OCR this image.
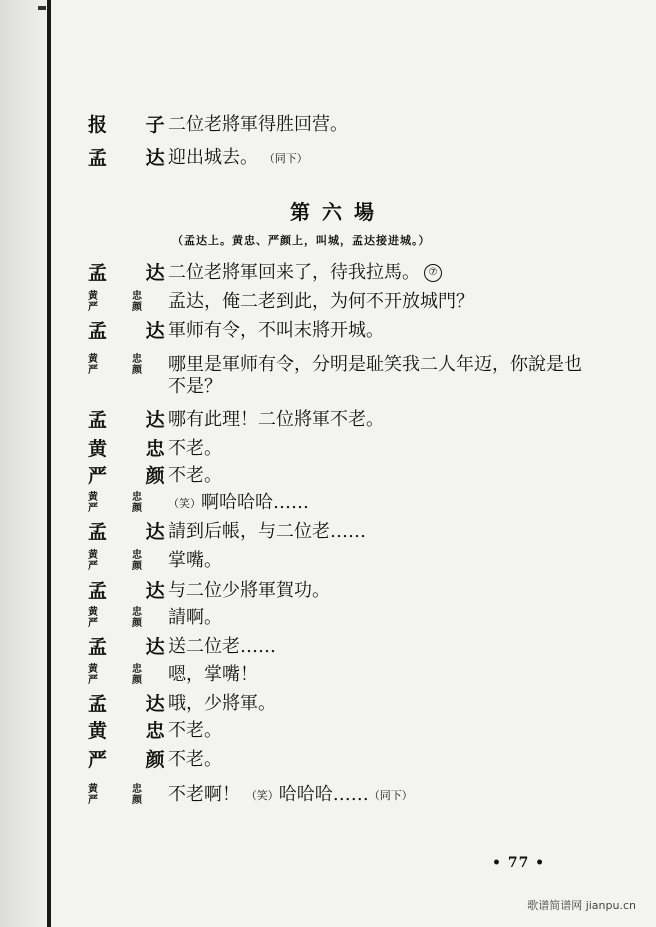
报 子
二位老將軍得胜回营。
孟 达
迎出城去。 （同下）
第六場
（孟达上。黄忠、严颜上，叫城，孟达接进城。）
孟 达
二位老將軍回来了，待我拉馬。 ⑦
黄
严
忠
颜 孟达，俺二老到此，为何不开放城門？
孟 达
軍师有令，不叫末將开城。
黄
严
忠
颜 哪里是軍师有令，分明是耻笑我二人年迈，你說是也
不是？
孟 达
哪有此理！二位將軍不老。
黄 忠
不老。
严 颜
不老。
黄
严
忠
颜 （笑）啊哈哈哈……
孟 达
請到后帳，与二位老……
黄
严
忠
颜 掌嘴。
孟 达
与二位少將軍賀功。
黄
严
忠
颜 請啊。
孟 达
送二位老……
黄
严
忠
颜 嗯，掌嘴！
孟 达
哦，少將軍。
黄 忠
不老。
严 颜
不老。
黄
严
忠
颜 不老啊！ （笑）哈哈哈……（同下）
• 77 •
歌谱简谱网 jianpu.cn
